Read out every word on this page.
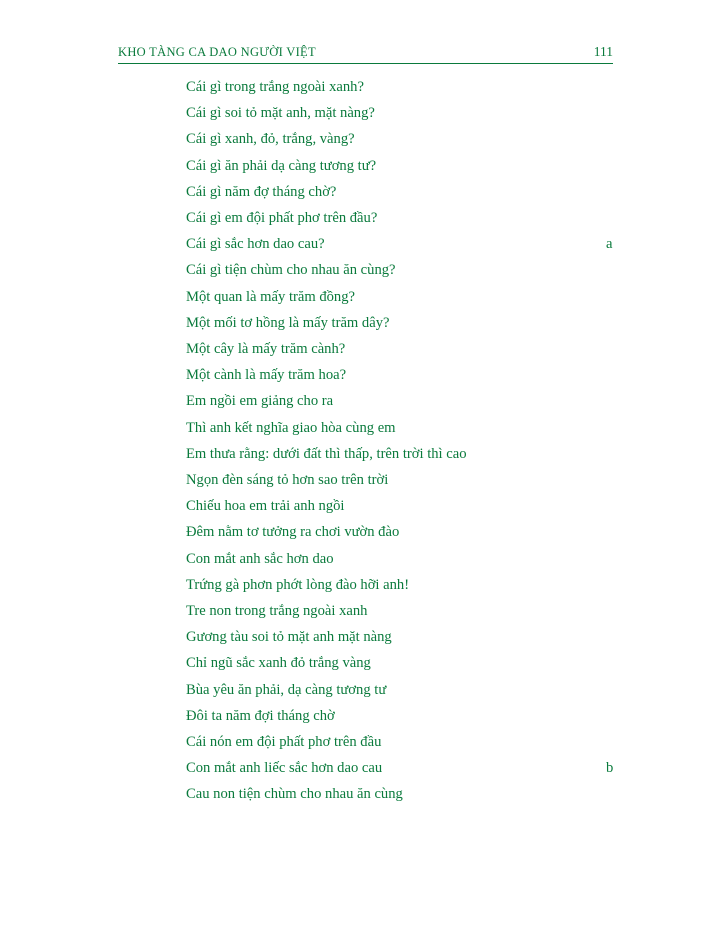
KHO TÀNG CA DAO NGƯỜI VIỆT	111
Cái gì trong trắng ngoài xanh?
Cái gì soi tỏ mặt anh, mặt nàng?
Cái gì xanh, đỏ, trắng, vàng?
Cái gì ăn phải dạ càng tương tư?
Cái gì năm đợ tháng chờ?
Cái gì em đội phất phơ trên đầu?
Cái gì sắc hơn dao cau?	a
Cái gì tiện chùm cho nhau ăn cùng?
Một quan là mấy trăm đồng?
Một mối tơ hồng là mấy trăm dây?
Một cây là mấy trăm cành?
Một cành là mấy trăm hoa?
Em ngồi em giảng cho ra
Thì anh kết nghĩa giao hòa cùng em
Em thưa rằng: dưới đất thì thấp, trên trời thì cao
Ngọn đèn sáng tỏ hơn sao trên trời
Chiếu hoa em trải anh ngồi
Đêm nằm tơ tưởng ra chơi vườn đào
Con mắt anh sắc hơn dao
Trứng gà phơn phớt lòng đào hỡi anh!
Tre non trong trắng ngoài xanh
Gương tàu soi tỏ mặt anh mặt nàng
Chỉ ngũ sắc xanh đỏ trắng vàng
Bùa yêu ăn phải, dạ càng tương tư
Đôi ta năm đợi tháng chờ
Cái nón em đội phất phơ trên đầu
Con mắt anh liếc sắc hơn dao cau	b
Cau non tiện chùm cho nhau ăn cùng
